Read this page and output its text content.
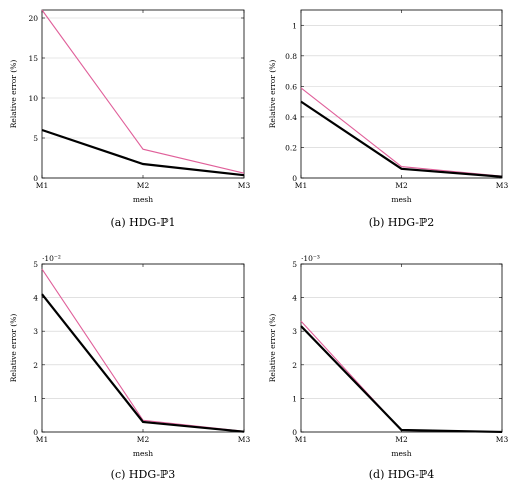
0
5
10
15
20
M1	M2	M3
mesh
Relative error (%)
(a) HDG-ℙ1
0
0.2
0.4
0.6
0.8
1
M1	M2	M3
mesh
Relative error (%)
(b) HDG-ℙ2
0
1
2
3
4
5
M1	M2	M3
·10⁻²
mesh
Relative error (%)
(c) HDG-ℙ3
0
1
2
3
4
5
M1	M2	M3
·10⁻³
mesh
Relative error (%)
(d) HDG-ℙ4
